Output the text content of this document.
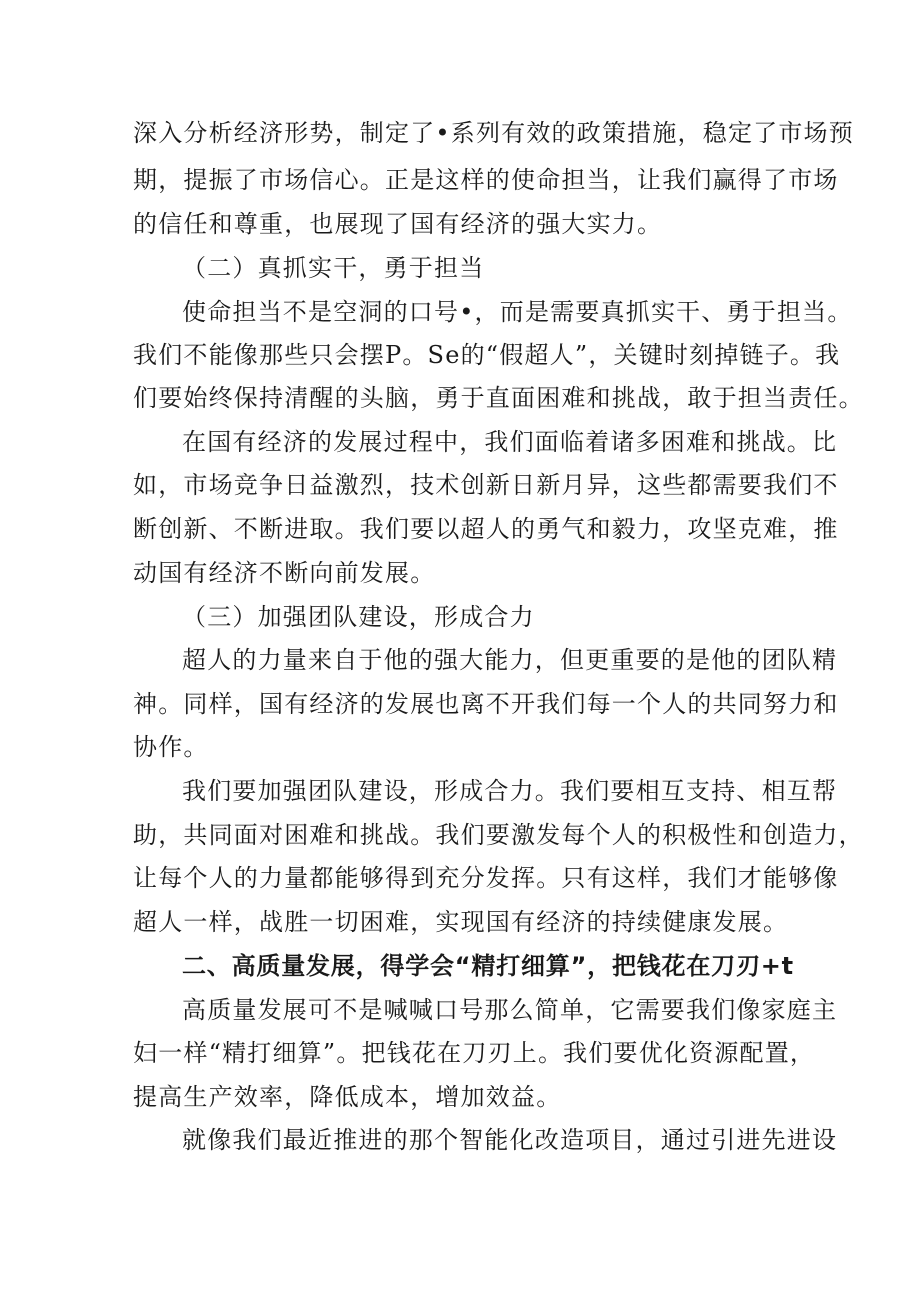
深入分析经济形势，制定了•系列有效的政策措施，稳定了市场预
期，提振了市场信心。正是这样的使命担当，让我们赢得了市场
的信任和尊重，也展现了国有经济的强大实力。
（二）真抓实干，勇于担当
使命担当不是空洞的口号•，而是需要真抓实干、勇于担当。
我们不能像那些只会摆P。Se的“假超人”，关键时刻掉链子。我
们要始终保持清醒的头脑，勇于直面困难和挑战，敢于担当责任。
在国有经济的发展过程中，我们面临着诸多困难和挑战。比
如，市场竞争日益激烈，技术创新日新月异，这些都需要我们不
断创新、不断进取。我们要以超人的勇气和毅力，攻坚克难，推
动国有经济不断向前发展。
（三）加强团队建设，形成合力
超人的力量来自于他的强大能力，但更重要的是他的团队精
神。同样，国有经济的发展也离不开我们每一个人的共同努力和
协作。
我们要加强团队建设，形成合力。我们要相互支持、相互帮
助，共同面对困难和挑战。我们要激发每个人的积极性和创造力，
让每个人的力量都能够得到充分发挥。只有这样，我们才能够像
超人一样，战胜一切困难，实现国有经济的持续健康发展。
二、高质量发展，得学会“精打细算”，把钱花在刀刃+t
高质量发展可不是喊喊口号那么简单，它需要我们像家庭主
妇一样“精打细算”。把钱花在刀刃上。我们要优化资源配置，
提高生产效率，降低成本，增加效益。
就像我们最近推进的那个智能化改造项目，通过引进先进设
